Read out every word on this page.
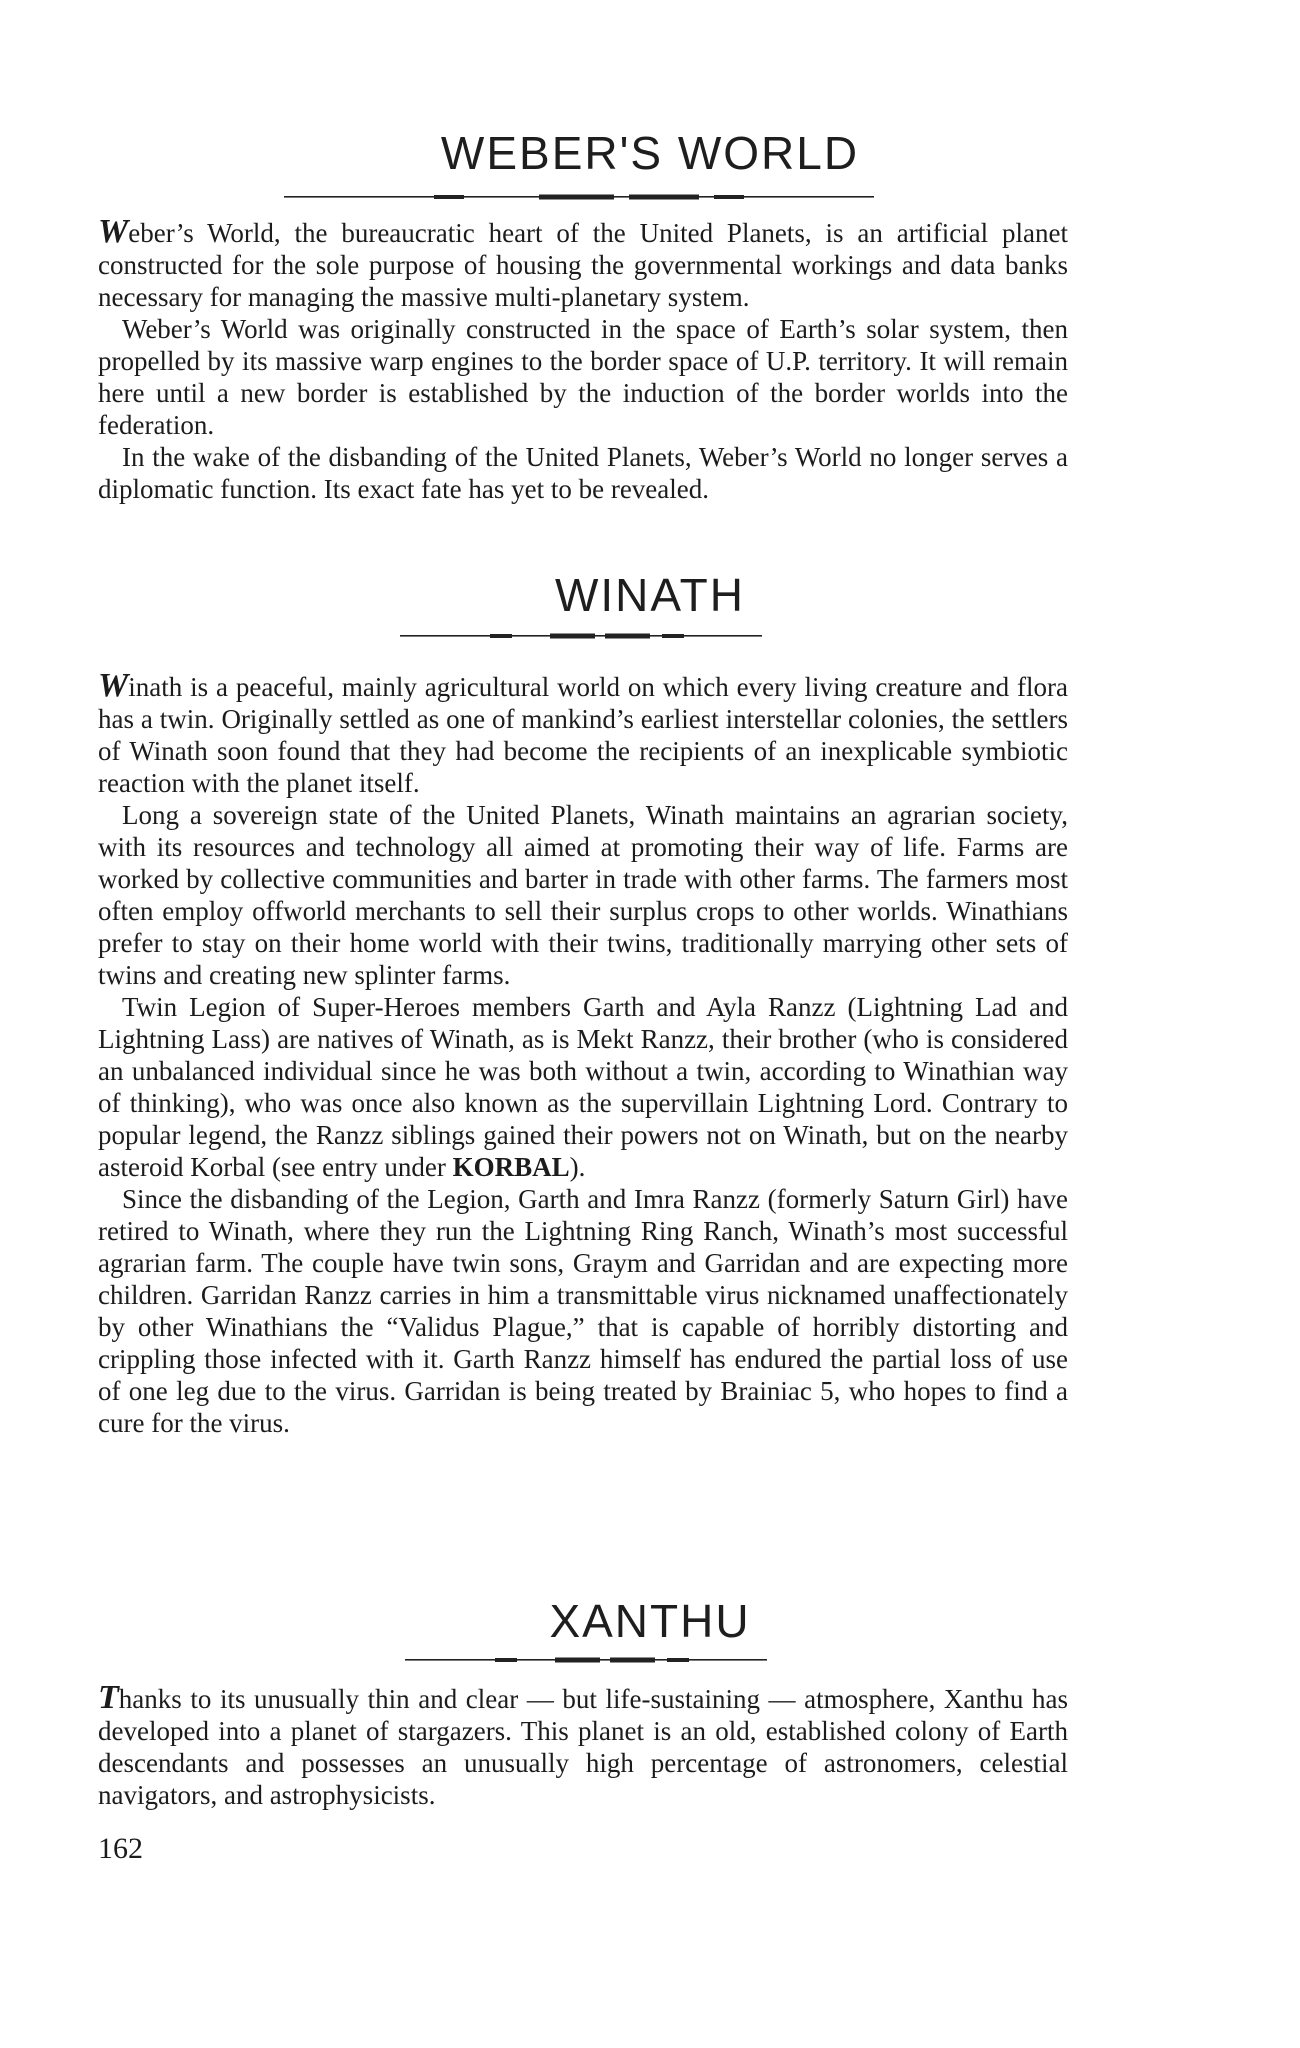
WEBER'S WORLD

Weber’s World, the bureaucratic heart of the United Planets, is an artificial planet constructed for the sole purpose of housing the governmental workings and data banks necessary for managing the massive multi-planetary system.

Weber’s World was originally constructed in the space of Earth’s solar system, then propelled by its massive warp engines to the border space of U.P. territory. It will remain here until a new border is established by the induction of the border worlds into the federation.

In the wake of the disbanding of the United Planets, Weber’s World no longer serves a diplomatic function. Its exact fate has yet to be revealed.

WINATH

Winath is a peaceful, mainly agricultural world on which every living creature and flora has a twin. Originally settled as one of mankind’s earliest interstellar colonies, the settlers of Winath soon found that they had become the recipients of an inexplicable symbiotic reaction with the planet itself.

Long a sovereign state of the United Planets, Winath maintains an agrarian society, with its resources and technology all aimed at promoting their way of life. Farms are worked by collective communities and barter in trade with other farms. The farmers most often employ offworld merchants to sell their surplus crops to other worlds. Winathians prefer to stay on their home world with their twins, traditionally marrying other sets of twins and creating new splinter farms.

Twin Legion of Super-Heroes members Garth and Ayla Ranzz (Lightning Lad and Lightning Lass) are natives of Winath, as is Mekt Ranzz, their brother (who is considered an unbalanced individual since he was both without a twin, according to Winathian way of thinking), who was once also known as the supervillain Lightning Lord. Contrary to popular legend, the Ranzz siblings gained their powers not on Winath, but on the nearby asteroid Korbal (see entry under KORBAL).

Since the disbanding of the Legion, Garth and Imra Ranzz (formerly Saturn Girl) have retired to Winath, where they run the Lightning Ring Ranch, Winath’s most successful agrarian farm. The couple have twin sons, Graym and Garridan and are expecting more children. Garridan Ranzz carries in him a transmittable virus nicknamed unaffectionately by other Winathians the “Validus Plague,” that is capable of horribly distorting and crippling those infected with it. Garth Ranzz himself has endured the partial loss of use of one leg due to the virus. Garridan is being treated by Brainiac 5, who hopes to find a cure for the virus.

XANTHU

Thanks to its unusually thin and clear — but life-sustaining — atmosphere, Xanthu has developed into a planet of stargazers. This planet is an old, established colony of Earth descendants and possesses an unusually high percentage of astronomers, celestial navigators, and astrophysicists.

162
